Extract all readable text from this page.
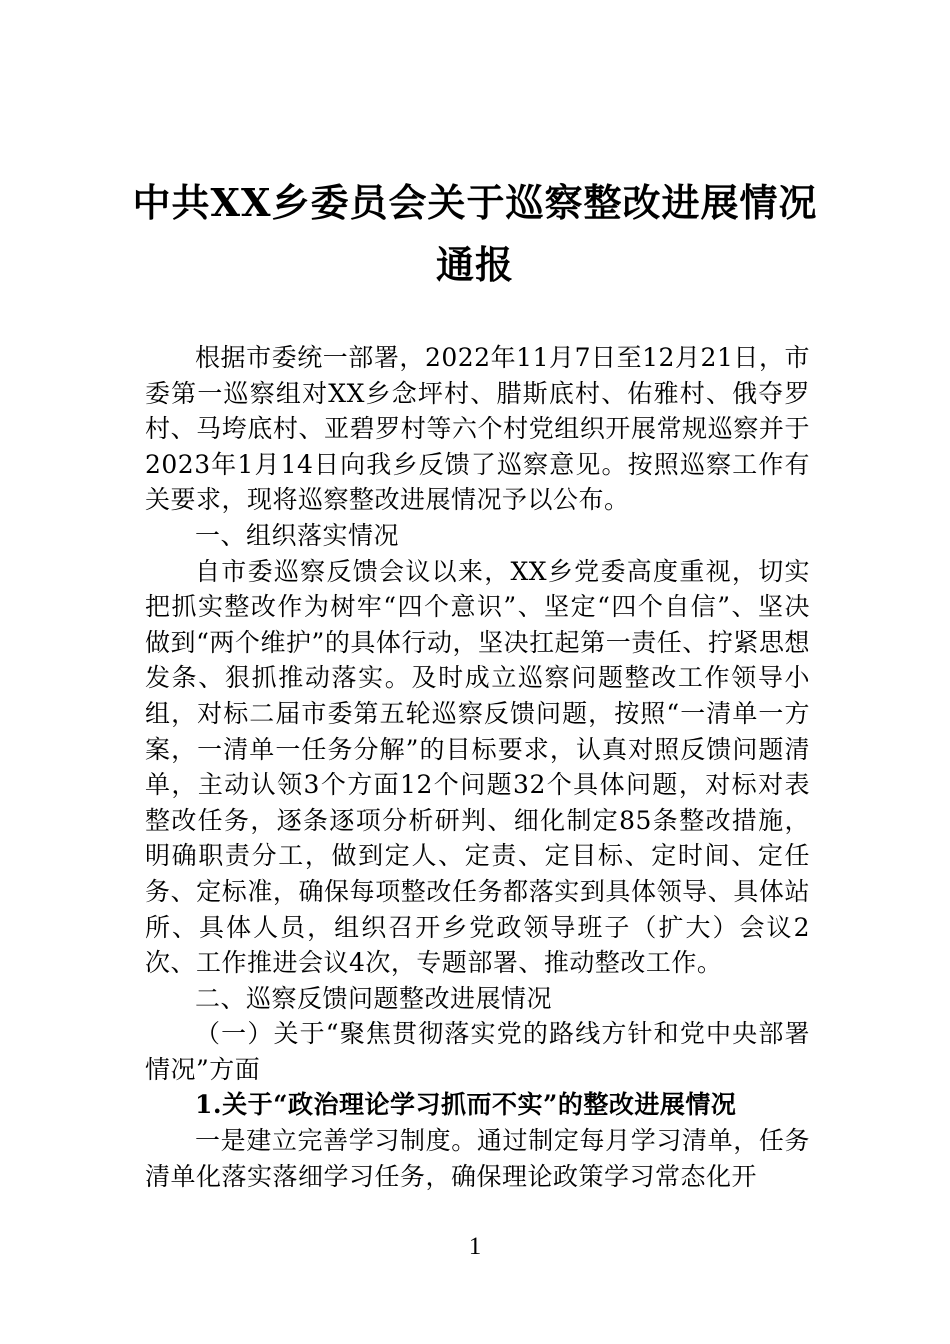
中共XX乡委员会关于巡察整改进展情况通报

根据市委统一部署，2022年11月7日至12月21日，市委第一巡察组对XX乡念坪村、腊斯底村、佑雅村、俄夺罗村、马垮底村、亚碧罗村等六个村党组织开展常规巡察并于2023年1月14日向我乡反馈了巡察意见。按照巡察工作有关要求，现将巡察整改进展情况予以公布。

一、组织落实情况

自市委巡察反馈会议以来，XX乡党委高度重视，切实把抓实整改作为树牢“四个意识”、坚定“四个自信”、坚决做到“两个维护”的具体行动，坚决扛起第一责任、拧紧思想发条、狠抓推动落实。及时成立巡察问题整改工作领导小组，对标二届市委第五轮巡察反馈问题，按照“一清单一方案，一清单一任务分解”的目标要求，认真对照反馈问题清单，主动认领3个方面12个问题32个具体问题，对标对表整改任务，逐条逐项分析研判、细化制定85条整改措施，明确职责分工，做到定人、定责、定目标、定时间、定任务、定标准，确保每项整改任务都落实到具体领导、具体站所、具体人员，组织召开乡党政领导班子（扩大）会议2次、工作推进会议4次，专题部署、推动整改工作。

二、巡察反馈问题整改进展情况

（一）关于“聚焦贯彻落实党的路线方针和党中央部署情况”方面

1.关于“政治理论学习抓而不实”的整改进展情况

一是建立完善学习制度。通过制定每月学习清单，任务清单化落实落细学习任务，确保理论政策学习常态化开

1
